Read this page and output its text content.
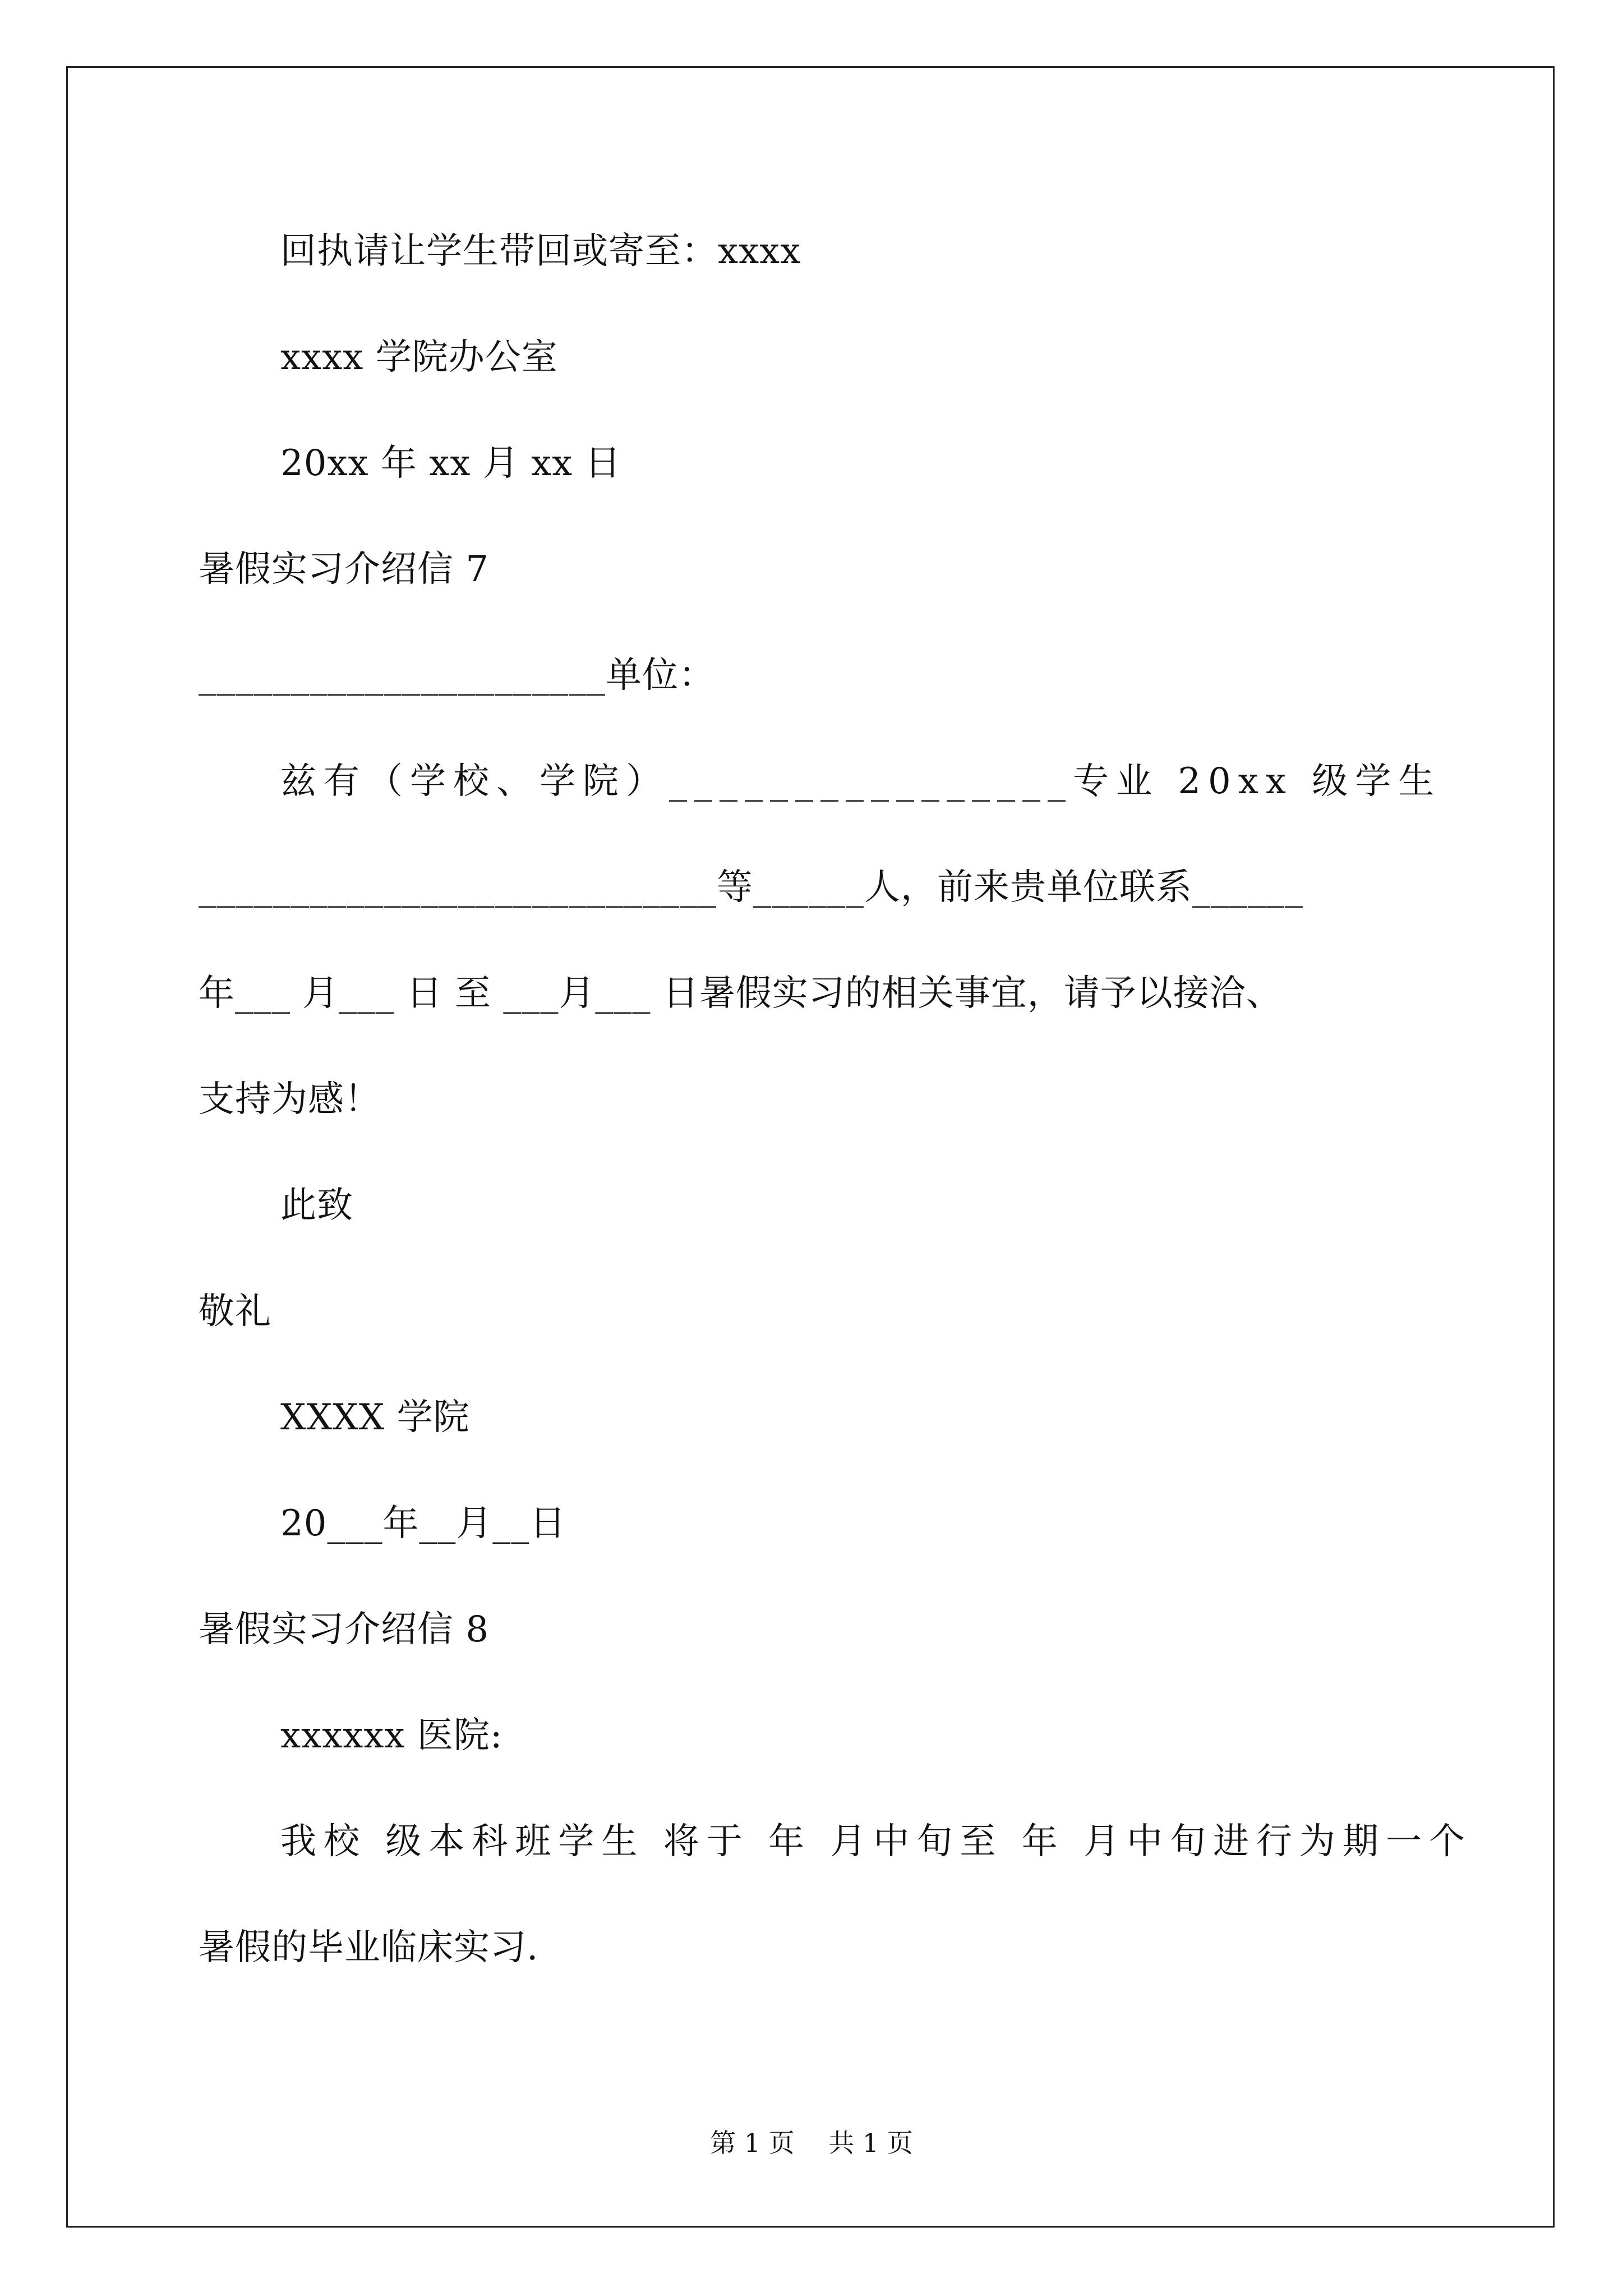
回执请让学生带回或寄至：xxxx
xxxx 学院办公室
20xx 年 xx 月 xx 日
暑假实习介绍信 7
______________________单位：
兹有（学校、学院）________________专业 20xx 级学生
____________________________等______人，前来贵单位联系______
年___ 月___ 日 至 ___月___ 日暑假实习的相关事宜，请予以接洽、
支持为感！
此致
敬礼
XXXX 学院
20___年__月__日
暑假实习介绍信 8
xxxxxx 医院:
我校 级本科班学生 将于 年 月中旬至 年 月中旬进行为期一个
暑假的毕业临床实习.
第 1 页　 共 1 页
